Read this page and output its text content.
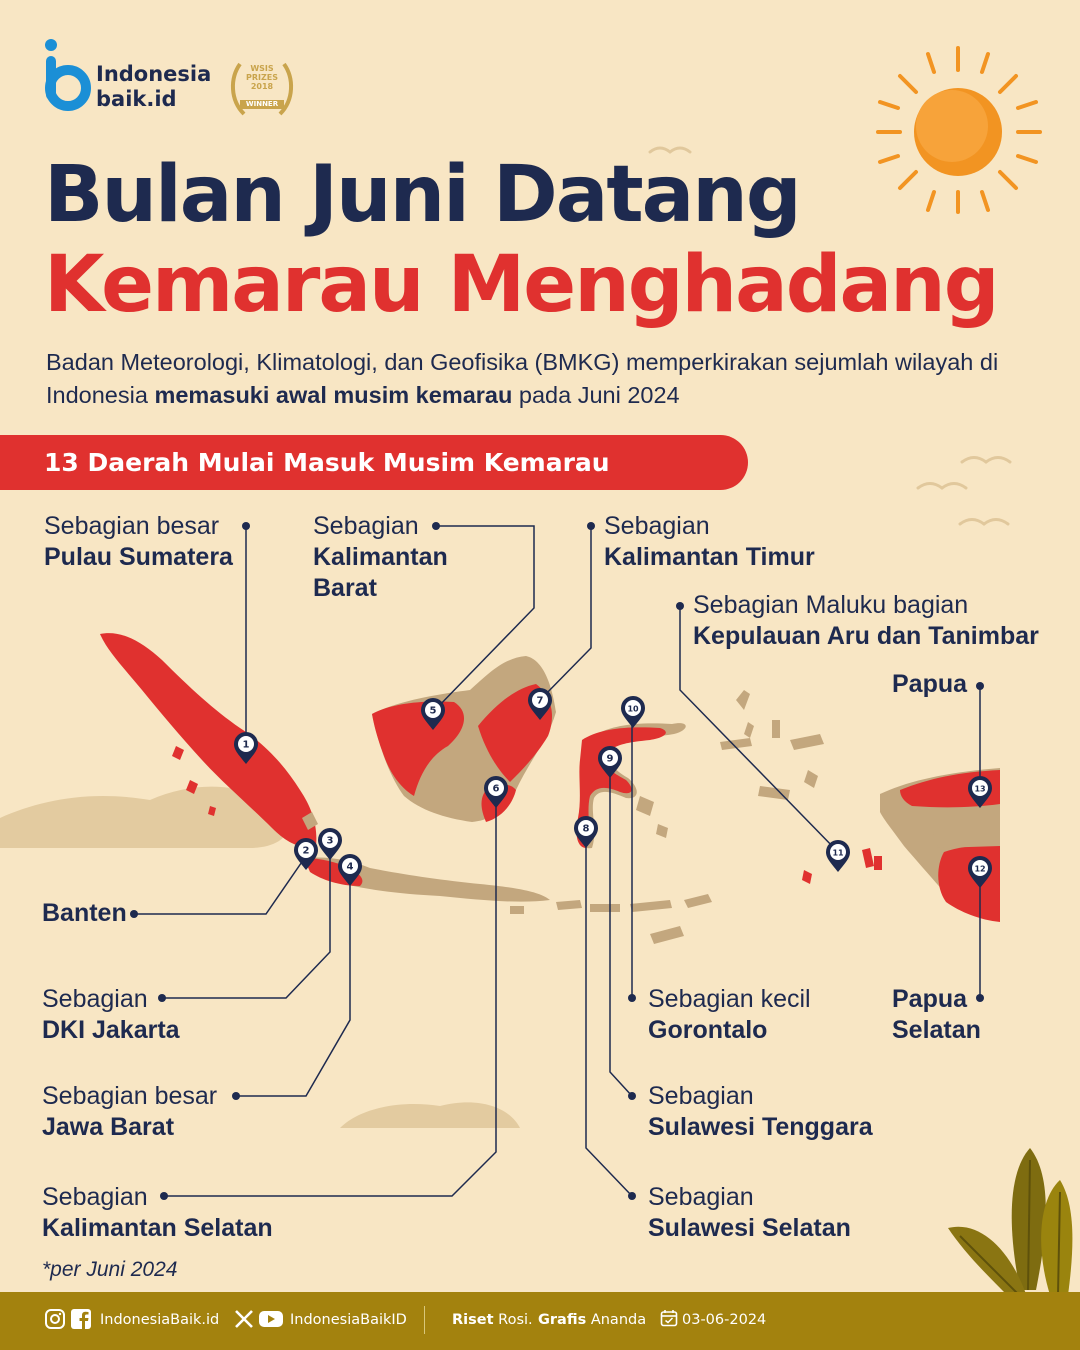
Indonesia
baik.id
WSIS
PRIZES
2018
WINNER
Bulan Juni Datang
Kemarau Menghadang
Badan Meteorologi, Klimatologi, dan Geofisika (BMKG) memperkirakan sejumlah wilayah di Indonesia memasuki awal musim kemarau pada Juni 2024
13 Daerah Mulai Masuk Musim Kemarau
1
2
3
4
5
6
7
8
9
10
11
12
13
Sebagian besar
Pulau Sumatera
Sebagian
Kalimantan
Barat
Sebagian
Kalimantan Timur
Sebagian Maluku bagian
Kepulauan Aru dan Tanimbar
Papua
Banten
Sebagian
DKI Jakarta
Sebagian besar
Jawa Barat
Sebagian
Kalimantan Selatan
Sebagian kecil
Gorontalo
Sebagian
Sulawesi Tenggara
Sebagian
Sulawesi Selatan
Papua
Selatan
*per Juni 2024
IndonesiaBaik.id	IndonesiaBaikID	Riset Rosi. Grafis Ananda 03-06-2024
